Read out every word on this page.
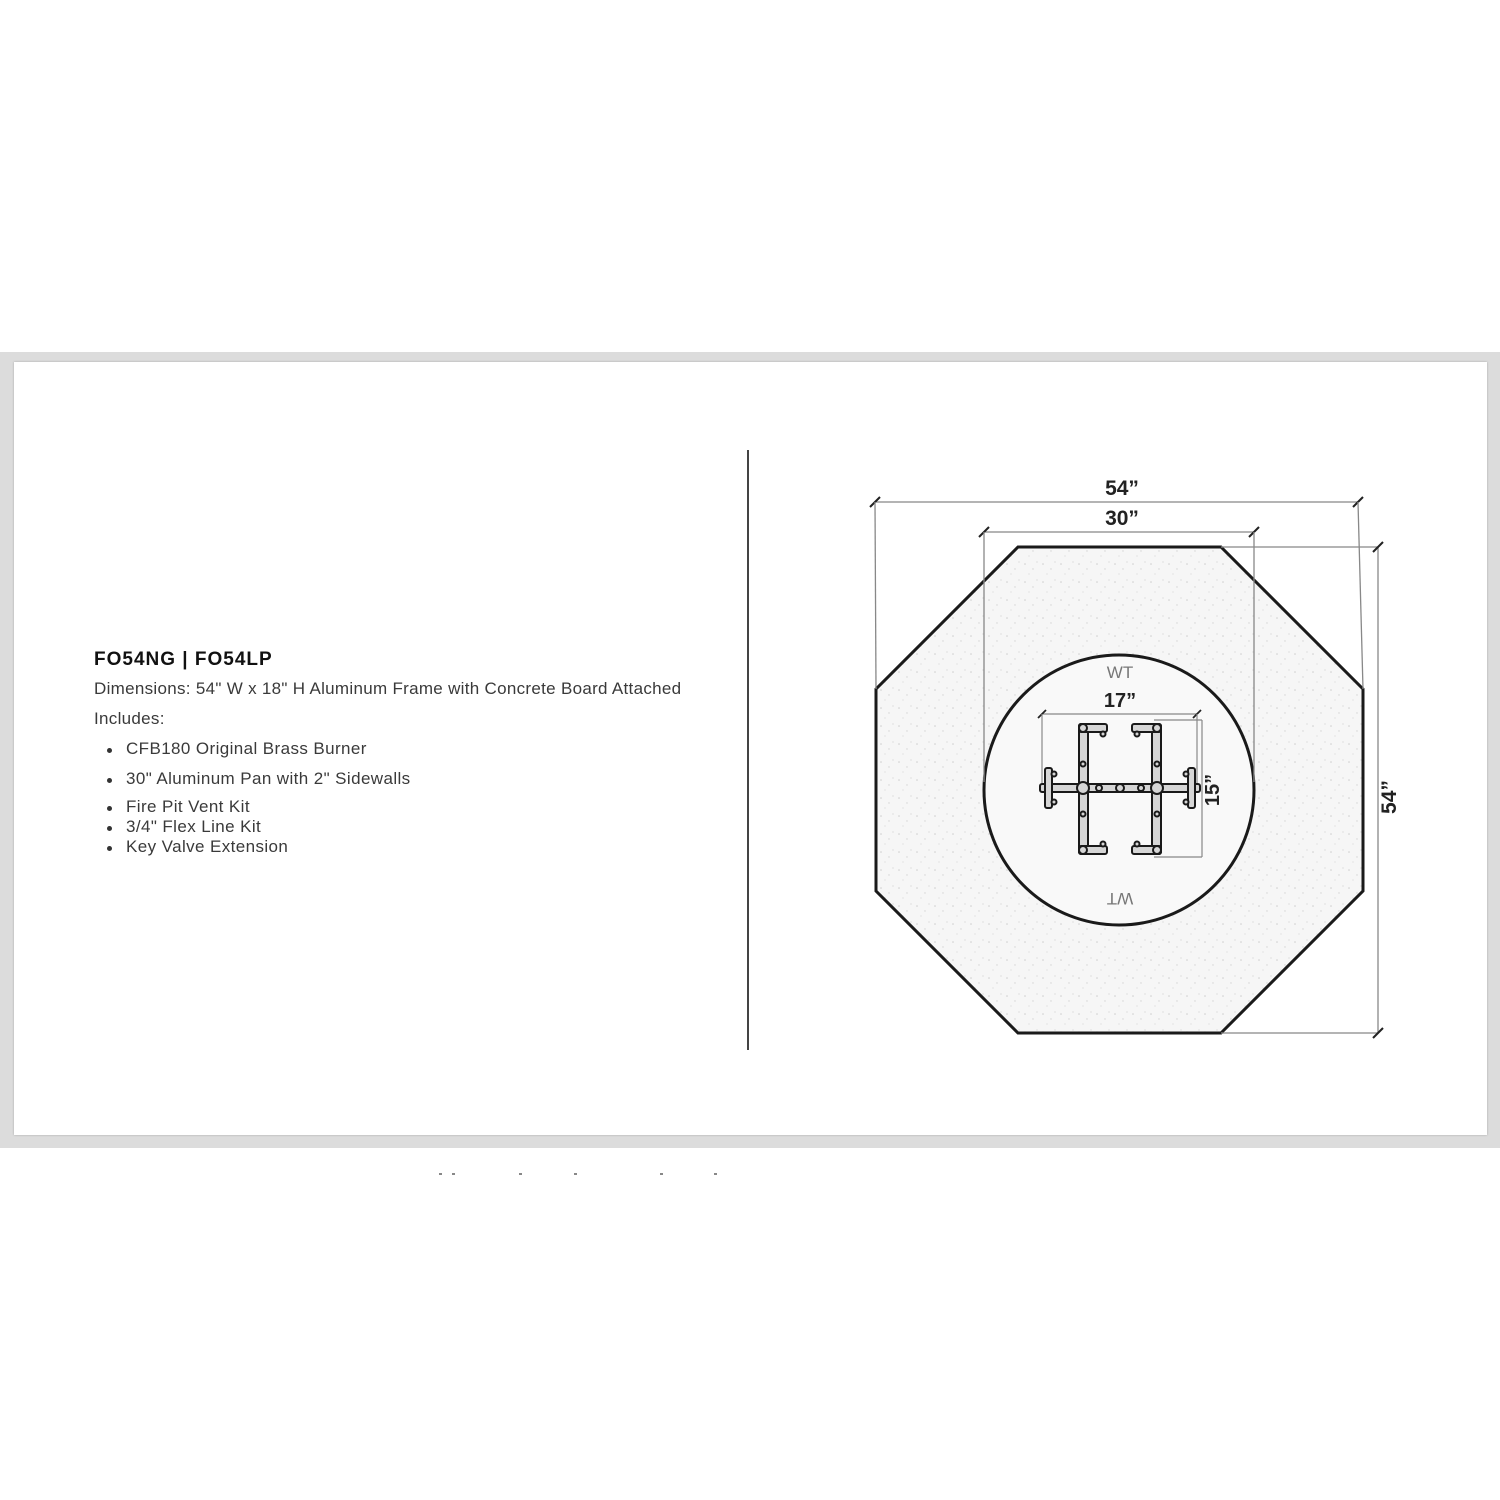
FO54NG | FO54LP
Dimensions: 54" W x 18" H Aluminum Frame with Concrete Board Attached
Includes:
CFB180 Original Brass Burner
30" Aluminum Pan with 2" Sidewalls
Fire Pit Vent Kit
3/4" Flex Line Kit
Key Valve Extension
54”
30”
54”
WT
WT
17”
15”
